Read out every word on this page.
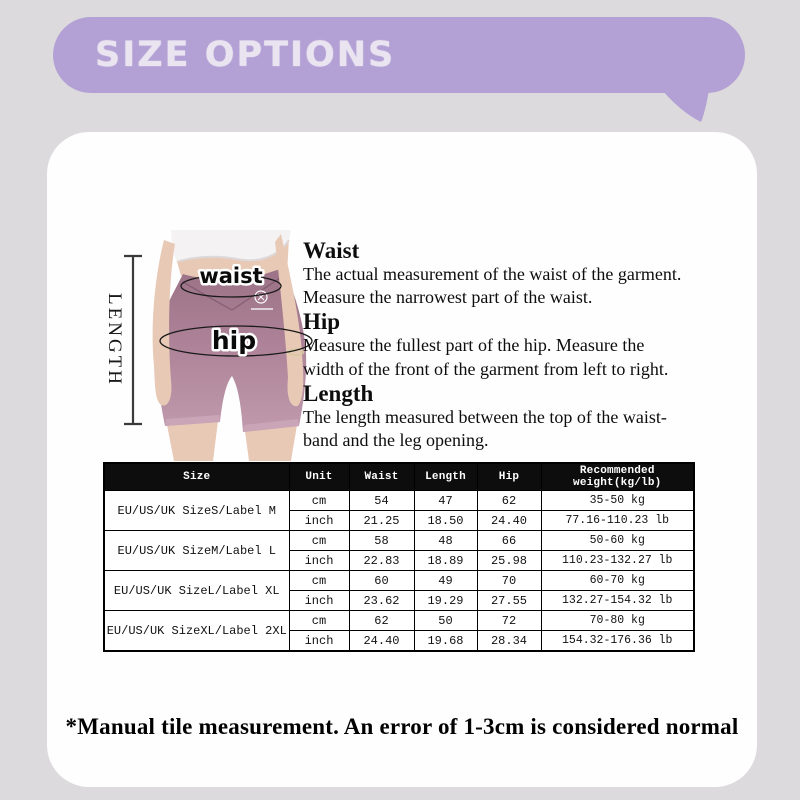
SIZE OPTIONS
waist
hip
LENGTH
Waist
The actual measurement of the waist of the garment.
Measure the narrowest part of the waist.
Hip
Measure the fullest part of the hip. Measure the
width of the front of the garment from left to right.
Length
The length measured between the top of the waist-
band and the leg opening.
Size	Unit	Waist	Length	Hip	Recommended weight(kg/lb)
EU/US/UK SizeS/Label M	cm	54	47	62	35-50 kg
	inch	21.25	18.50	24.40	77.16-110.23 lb
EU/US/UK SizeM/Label L	cm	58	48	66	50-60 kg
	inch	22.83	18.89	25.98	110.23-132.27 lb
EU/US/UK SizeL/Label XL	cm	60	49	70	60-70 kg
	inch	23.62	19.29	27.55	132.27-154.32 lb
EU/US/UK SizeXL/Label 2XL	cm	62	50	72	70-80 kg
	inch	24.40	19.68	28.34	154.32-176.36 lb
*Manual tile measurement. An error of 1-3cm is considered normal
